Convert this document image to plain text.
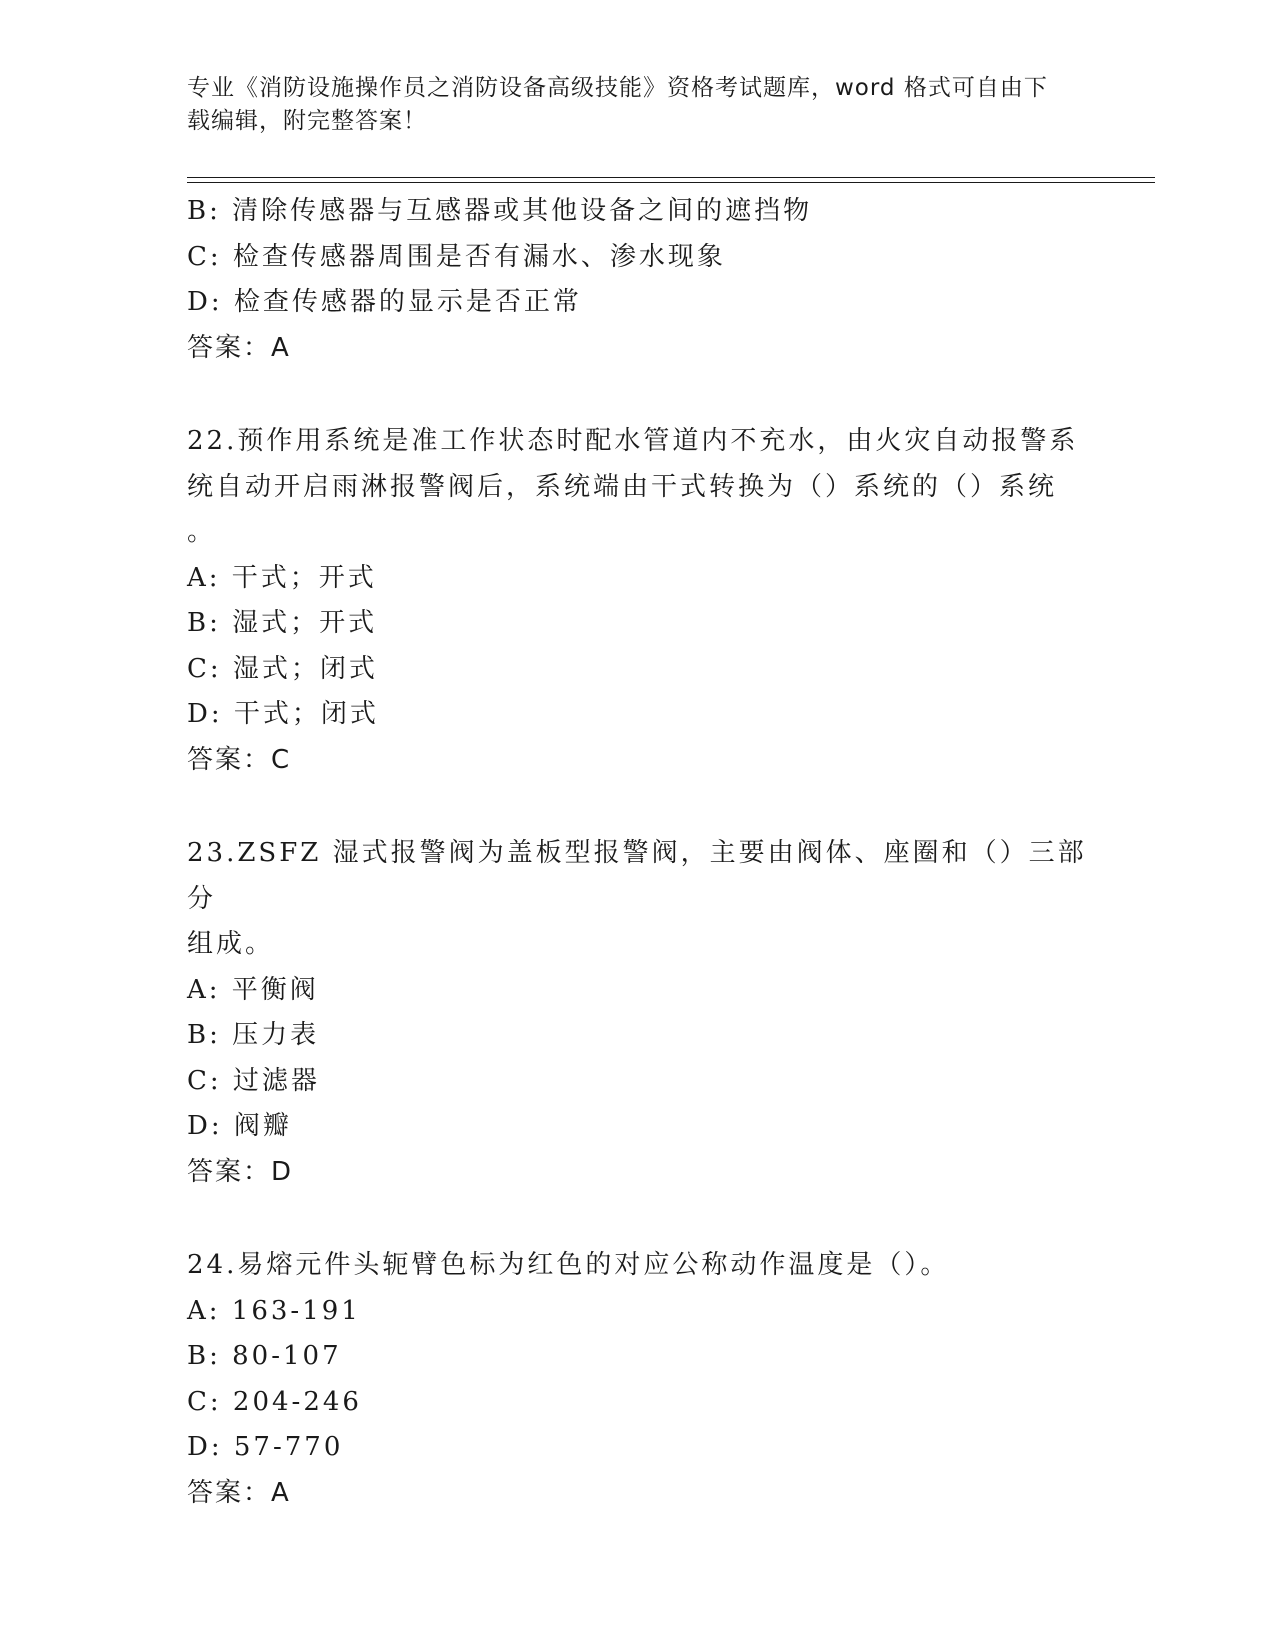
专业《消防设施操作员之消防设备高级技能》资格考试题库，word 格式可自由下
载编辑，附完整答案！
B: 清除传感器与互感器或其他设备之间的遮挡物
C: 检查传感器周围是否有漏水、渗水现象
D: 检查传感器的显示是否正常
答案：A
22.预作用系统是准工作状态时配水管道内不充水，由火灾自动报警系
统自动开启雨淋报警阀后，系统端由干式转换为（）系统的（）系统
。
A: 干式；开式
B: 湿式；开式
C: 湿式；闭式
D: 干式；闭式
答案：C
23.ZSFZ 湿式报警阀为盖板型报警阀，主要由阀体、座圈和（）三部分
组成。
A: 平衡阀
B: 压力表
C: 过滤器
D: 阀瓣
答案：D
24.易熔元件头轭臂色标为红色的对应公称动作温度是（）。
A: 163-191
B: 80-107
C: 204-246
D: 57-770
答案：A
